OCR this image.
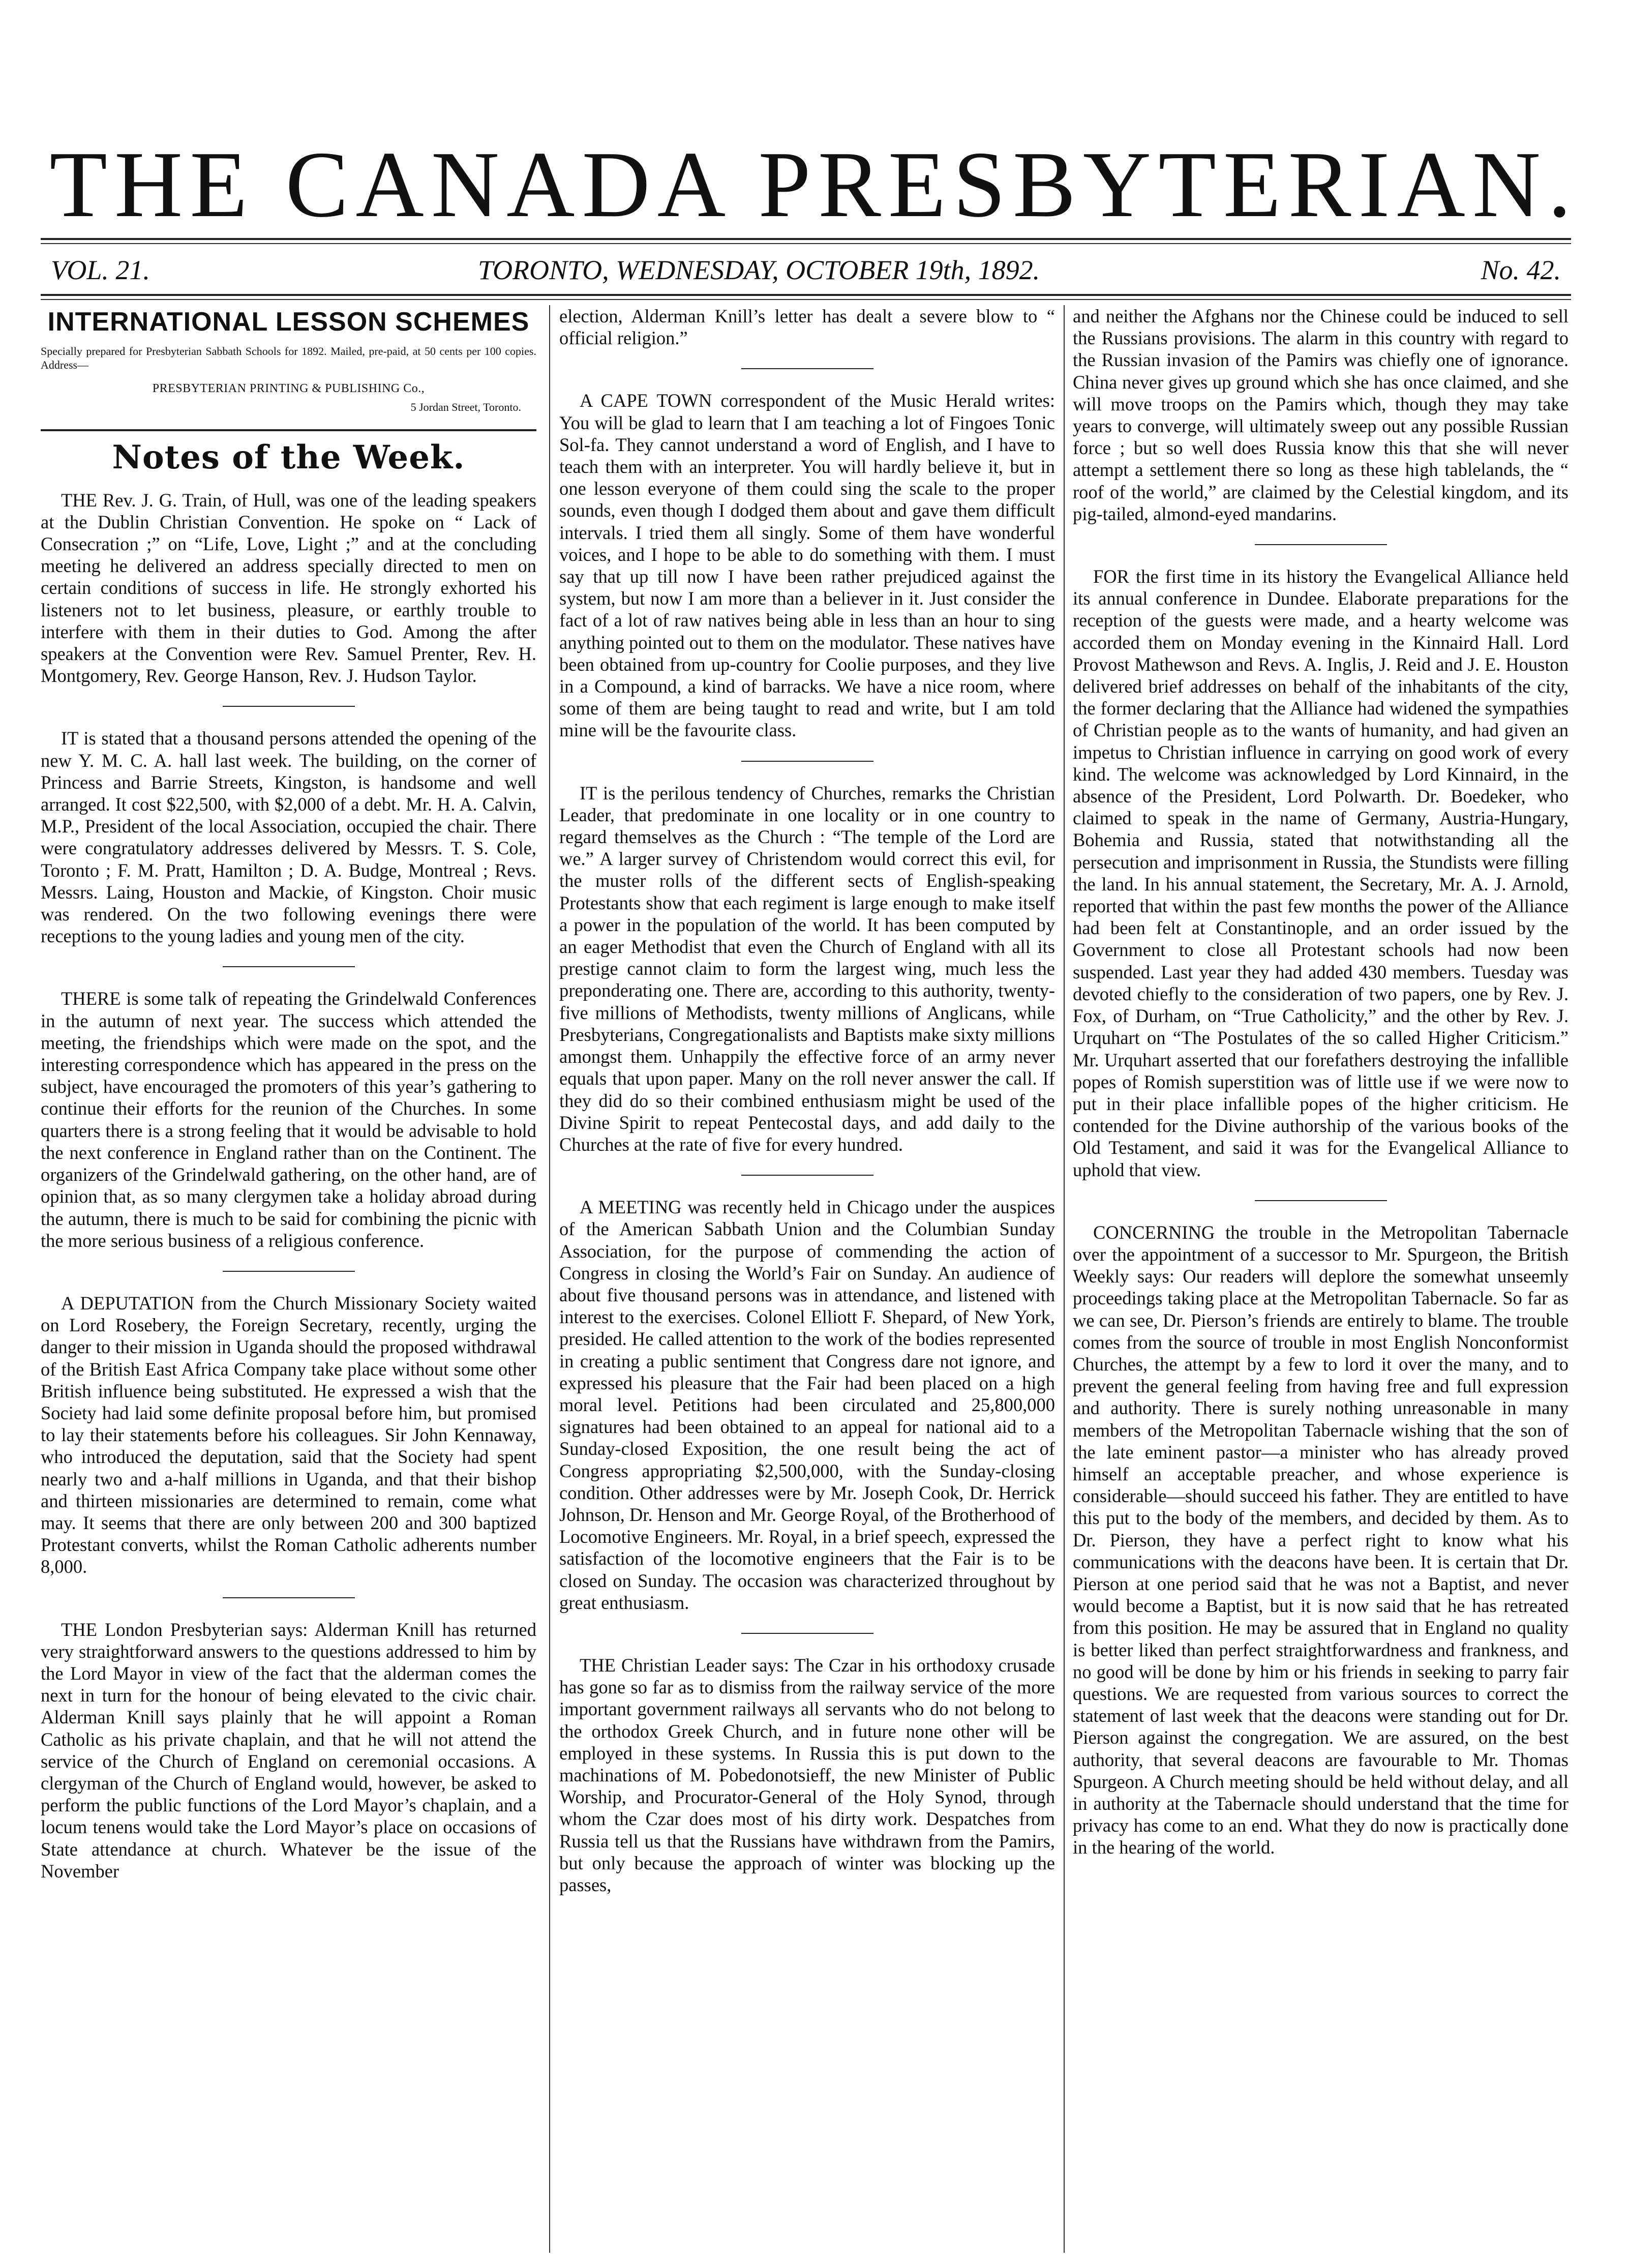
THE CANADA PRESBYTERIAN.
VOL. 21.	TORONTO, WEDNESDAY, OCTOBER 19th, 1892.	No. 42.
INTERNATIONAL LESSON SCHEMES
Specially prepared for Presbyterian Sabbath Schools for 1892. Mailed, pre-paid, at 50 cents per 100 copies. Address—
PRESBYTERIAN PRINTING & PUBLISHING Co.,
5 Jordan Street, Toronto.
Notes of the Week.

THE Rev. J. G. Train, of Hull, was one of the leading speakers at the Dublin Christian Convention. He spoke on “ Lack of Consecration ;” on “Life, Love, Light ;” and at the concluding meeting he delivered an address specially directed to men on certain conditions of success in life. He strongly exhorted his listeners not to let business, pleasure, or earthly trouble to interfere with them in their duties to God. Among the after speakers at the Convention were Rev. Samuel Prenter, Rev. H. Montgomery, Rev. George Hanson, Rev. J. Hudson Taylor.

IT is stated that a thousand persons attended the opening of the new Y. M. C. A. hall last week. The building, on the corner of Princess and Barrie Streets, Kingston, is handsome and well arranged. It cost $22,500, with $2,000 of a debt. Mr. H. A. Calvin, M.P., President of the local Association, occupied the chair. There were congratulatory addresses delivered by Messrs. T. S. Cole, Toronto ; F. M. Pratt, Hamilton ; D. A. Budge, Montreal ; Revs. Messrs. Laing, Houston and Mackie, of Kingston. Choir music was rendered. On the two following evenings there were receptions to the young ladies and young men of the city.

THERE is some talk of repeating the Grindelwald Conferences in the autumn of next year. The success which attended the meeting, the friendships which were made on the spot, and the interesting correspondence which has appeared in the press on the subject, have encouraged the promoters of this year’s gathering to continue their efforts for the reunion of the Churches. In some quarters there is a strong feeling that it would be advisable to hold the next conference in England rather than on the Continent. The organizers of the Grindelwald gathering, on the other hand, are of opinion that, as so many clergymen take a holiday abroad during the autumn, there is much to be said for combining the picnic with the more serious business of a religious conference.

A DEPUTATION from the Church Missionary Society waited on Lord Rosebery, the Foreign Secretary, recently, urging the danger to their mission in Uganda should the proposed withdrawal of the British East Africa Company take place without some other British influence being substituted. He expressed a wish that the Society had laid some definite proposal before him, but promised to lay their statements before his colleagues. Sir John Kennaway, who introduced the deputation, said that the Society had spent nearly two and a-half millions in Uganda, and that their bishop and thirteen missionaries are determined to remain, come what may. It seems that there are only between 200 and 300 baptized Protestant converts, whilst the Roman Catholic adherents number 8,000.

THE London Presbyterian says: Alderman Knill has returned very straightforward answers to the questions addressed to him by the Lord Mayor in view of the fact that the alderman comes the next in turn for the honour of being elevated to the civic chair. Alderman Knill says plainly that he will appoint a Roman Catholic as his private chaplain, and that he will not attend the service of the Church of England on ceremonial occasions. A clergyman of the Church of England would, however, be asked to perform the public functions of the Lord Mayor’s chaplain, and a locum tenens would take the Lord Mayor’s place on occasions of State attendance at church. Whatever be the issue of the November

election, Alderman Knill’s letter has dealt a severe blow to “ official religion.”

A CAPE TOWN correspondent of the Music Herald writes: You will be glad to learn that I am teaching a lot of Fingoes Tonic Sol-fa. They cannot understand a word of English, and I have to teach them with an interpreter. You will hardly believe it, but in one lesson everyone of them could sing the scale to the proper sounds, even though I dodged them about and gave them difficult intervals. I tried them all singly. Some of them have wonderful voices, and I hope to be able to do something with them. I must say that up till now I have been rather prejudiced against the system, but now I am more than a believer in it. Just consider the fact of a lot of raw natives being able in less than an hour to sing anything pointed out to them on the modulator. These natives have been obtained from up-country for Coolie purposes, and they live in a Compound, a kind of barracks. We have a nice room, where some of them are being taught to read and write, but I am told mine will be the favourite class.

IT is the perilous tendency of Churches, remarks the Christian Leader, that predominate in one locality or in one country to regard themselves as the Church : “The temple of the Lord are we.” A larger survey of Christendom would correct this evil, for the muster rolls of the different sects of English-speaking Protestants show that each regiment is large enough to make itself a power in the population of the world. It has been computed by an eager Methodist that even the Church of England with all its prestige cannot claim to form the largest wing, much less the preponderating one. There are, according to this authority, twenty-five millions of Methodists, twenty millions of Anglicans, while Presbyterians, Congregationalists and Baptists make sixty millions amongst them. Unhappily the effective force of an army never equals that upon paper. Many on the roll never answer the call. If they did do so their combined enthusiasm might be used of the Divine Spirit to repeat Pentecostal days, and add daily to the Churches at the rate of five for every hundred.

A MEETING was recently held in Chicago under the auspices of the American Sabbath Union and the Columbian Sunday Association, for the purpose of commending the action of Congress in closing the World’s Fair on Sunday. An audience of about five thousand persons was in attendance, and listened with interest to the exercises. Colonel Elliott F. Shepard, of New York, presided. He called attention to the work of the bodies represented in creating a public sentiment that Congress dare not ignore, and expressed his pleasure that the Fair had been placed on a high moral level. Petitions had been circulated and 25,800,000 signatures had been obtained to an appeal for national aid to a Sunday-closed Exposition, the one result being the act of Congress appropriating $2,500,000, with the Sunday-closing condition. Other addresses were by Mr. Joseph Cook, Dr. Herrick Johnson, Dr. Henson and Mr. George Royal, of the Brotherhood of Locomotive Engineers. Mr. Royal, in a brief speech, expressed the satisfaction of the locomotive engineers that the Fair is to be closed on Sunday. The occasion was characterized throughout by great enthusiasm.

THE Christian Leader says: The Czar in his orthodoxy crusade has gone so far as to dismiss from the railway service of the more important government railways all servants who do not belong to the orthodox Greek Church, and in future none other will be employed in these systems. In Russia this is put down to the machinations of M. Pobedonotsieff, the new Minister of Public Worship, and Procurator-General of the Holy Synod, through whom the Czar does most of his dirty work. Despatches from Russia tell us that the Russians have withdrawn from the Pamirs, but only because the approach of winter was blocking up the passes,

and neither the Afghans nor the Chinese could be induced to sell the Russians provisions. The alarm in this country with regard to the Russian invasion of the Pamirs was chiefly one of ignorance. China never gives up ground which she has once claimed, and she will move troops on the Pamirs which, though they may take years to converge, will ultimately sweep out any possible Russian force ; but so well does Russia know this that she will never attempt a settlement there so long as these high tablelands, the “ roof of the world,” are claimed by the Celestial kingdom, and its pig-tailed, almond-eyed mandarins.

FOR the first time in its history the Evangelical Alliance held its annual conference in Dundee. Elaborate preparations for the reception of the guests were made, and a hearty welcome was accorded them on Monday evening in the Kinnaird Hall. Lord Provost Mathewson and Revs. A. Inglis, J. Reid and J. E. Houston delivered brief addresses on behalf of the inhabitants of the city, the former declaring that the Alliance had widened the sympathies of Christian people as to the wants of humanity, and had given an impetus to Christian influence in carrying on good work of every kind. The welcome was acknowledged by Lord Kinnaird, in the absence of the President, Lord Polwarth. Dr. Boedeker, who claimed to speak in the name of Germany, Austria-Hungary, Bohemia and Russia, stated that notwithstanding all the persecution and imprisonment in Russia, the Stundists were filling the land. In his annual statement, the Secretary, Mr. A. J. Arnold, reported that within the past few months the power of the Alliance had been felt at Constantinople, and an order issued by the Government to close all Protestant schools had now been suspended. Last year they had added 430 members. Tuesday was devoted chiefly to the consideration of two papers, one by Rev. J. Fox, of Durham, on “True Catholicity,” and the other by Rev. J. Urquhart on “The Postulates of the so called Higher Criticism.” Mr. Urquhart asserted that our forefathers destroying the infallible popes of Romish superstition was of little use if we were now to put in their place infallible popes of the higher criticism. He contended for the Divine authorship of the various books of the Old Testament, and said it was for the Evangelical Alliance to uphold that view.

CONCERNING the trouble in the Metropolitan Tabernacle over the appointment of a successor to Mr. Spurgeon, the British Weekly says: Our readers will deplore the somewhat unseemly proceedings taking place at the Metropolitan Tabernacle. So far as we can see, Dr. Pierson’s friends are entirely to blame. The trouble comes from the source of trouble in most English Nonconformist Churches, the attempt by a few to lord it over the many, and to prevent the general feeling from having free and full expression and authority. There is surely nothing unreasonable in many members of the Metropolitan Tabernacle wishing that the son of the late eminent pastor—a minister who has already proved himself an acceptable preacher, and whose experience is considerable—should succeed his father. They are entitled to have this put to the body of the members, and decided by them. As to Dr. Pierson, they have a perfect right to know what his communications with the deacons have been. It is certain that Dr. Pierson at one period said that he was not a Baptist, and never would become a Baptist, but it is now said that he has retreated from this position. He may be assured that in England no quality is better liked than perfect straightforwardness and frankness, and no good will be done by him or his friends in seeking to parry fair questions. We are requested from various sources to correct the statement of last week that the deacons were standing out for Dr. Pierson against the congregation. We are assured, on the best authority, that several deacons are favourable to Mr. Thomas Spurgeon. A Church meeting should be held without delay, and all in authority at the Tabernacle should understand that the time for privacy has come to an end. What they do now is practically done in the hearing of the world.
